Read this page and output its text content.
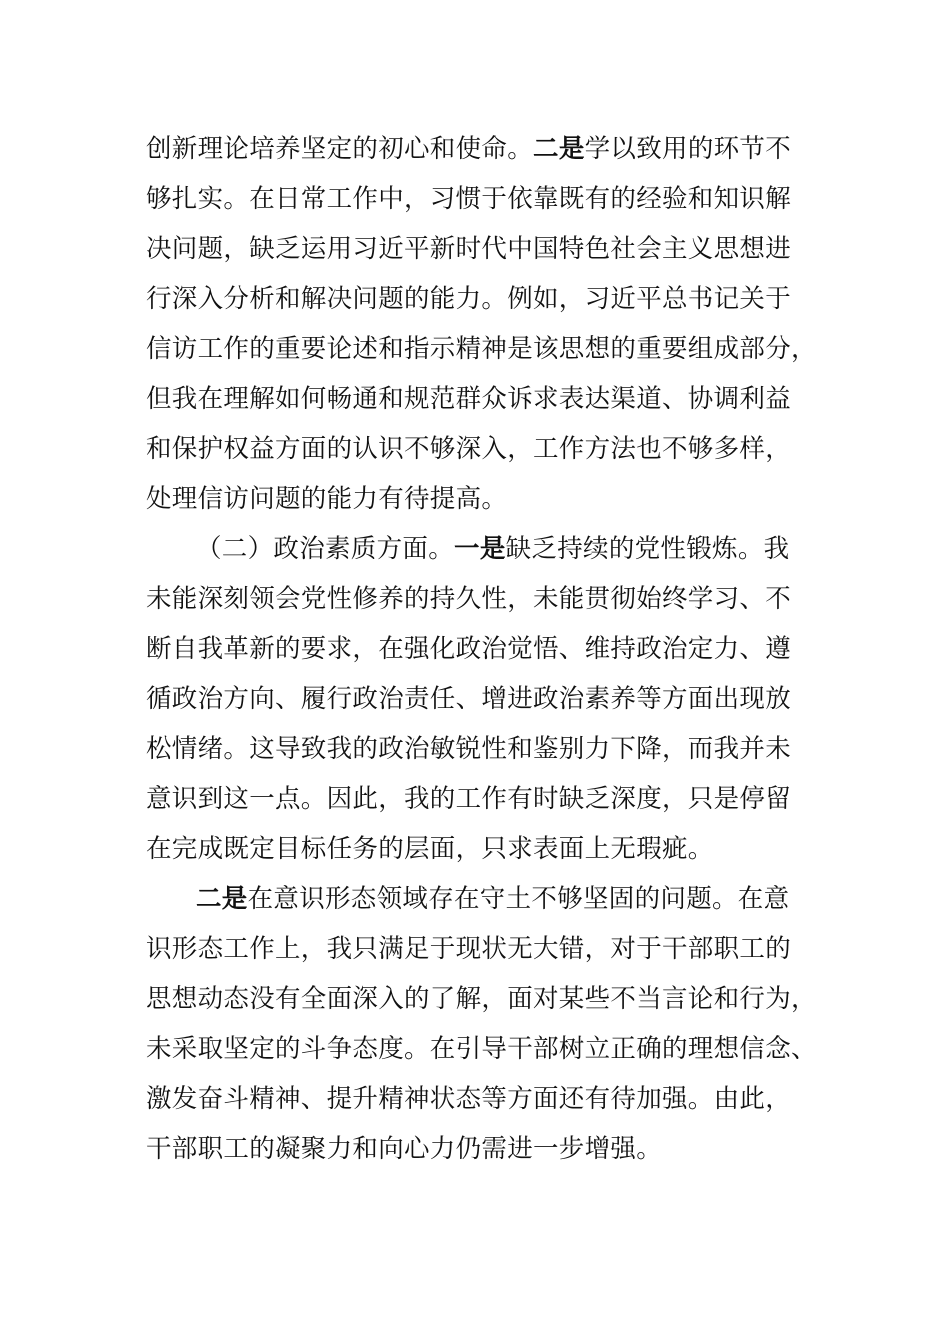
创新理论培养坚定的初心和使命。二是学以致用的环节不
够扎实。在日常工作中，习惯于依靠既有的经验和知识解
决问题，缺乏运用习近平新时代中国特色社会主义思想进
行深入分析和解决问题的能力。例如，习近平总书记关于
信访工作的重要论述和指示精神是该思想的重要组成部分，
但我在理解如何畅通和规范群众诉求表达渠道、协调利益
和保护权益方面的认识不够深入，工作方法也不够多样，
处理信访问题的能力有待提高。
（二）政治素质方面。一是缺乏持续的党性锻炼。我
未能深刻领会党性修养的持久性，未能贯彻始终学习、不
断自我革新的要求，在强化政治觉悟、维持政治定力、遵
循政治方向、履行政治责任、增进政治素养等方面出现放
松情绪。这导致我的政治敏锐性和鉴别力下降，而我并未
意识到这一点。因此，我的工作有时缺乏深度，只是停留
在完成既定目标任务的层面，只求表面上无瑕疵。
二是在意识形态领域存在守土不够坚固的问题。在意
识形态工作上，我只满足于现状无大错，对于干部职工的
思想动态没有全面深入的了解，面对某些不当言论和行为，
未采取坚定的斗争态度。在引导干部树立正确的理想信念、
激发奋斗精神、提升精神状态等方面还有待加强。由此，
干部职工的凝聚力和向心力仍需进一步增强。
